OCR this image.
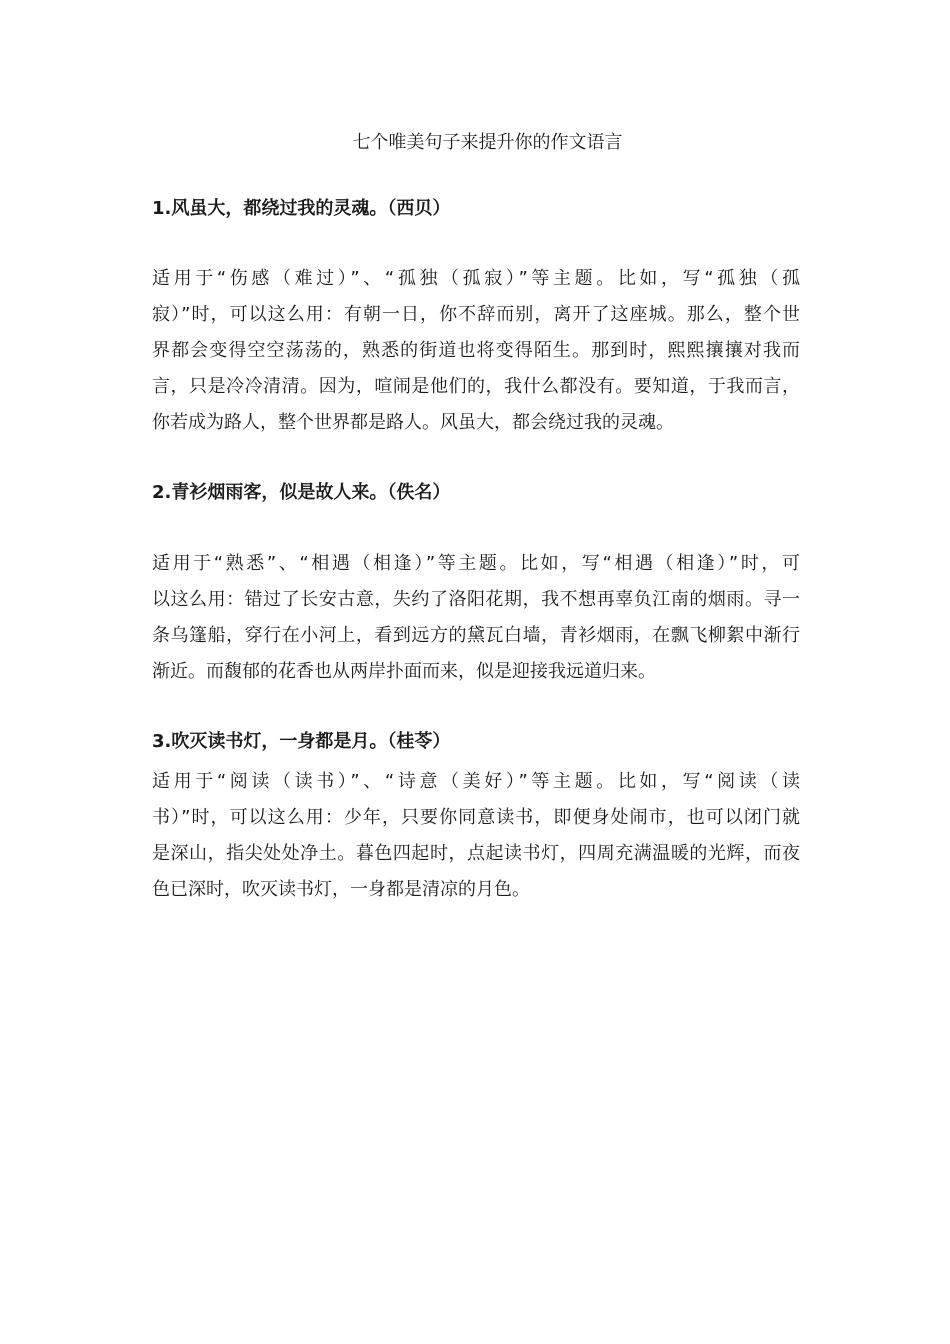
七个唯美句子来提升你的作文语言
1.风虽大，都绕过我的灵魂。（西贝）
适用于“伤感（难过）”、“孤独（孤寂）”等主题。比如，写“孤独（孤
寂）”时，可以这么用：有朝一日，你不辞而别，离开了这座城。那么，整个世
界都会变得空空荡荡的，熟悉的街道也将变得陌生。那到时，熙熙攘攘对我而
言，只是冷冷清清。因为，喧闹是他们的，我什么都没有。要知道，于我而言，
你若成为路人，整个世界都是路人。风虽大，都会绕过我的灵魂。
2.青衫烟雨客，似是故人来。（佚名）
适用于“熟悉”、“相遇（相逢）”等主题。比如，写“相遇（相逢）”时，可
以这么用：错过了长安古意，失约了洛阳花期，我不想再辜负江南的烟雨。寻一
条乌篷船，穿行在小河上，看到远方的黛瓦白墙，青衫烟雨，在飘飞柳絮中渐行
渐近。而馥郁的花香也从两岸扑面而来，似是迎接我远道归来。
3.吹灭读书灯，一身都是月。（桂苓）
适用于“阅读（读书）”、“诗意（美好）”等主题。比如，写“阅读（读
书）”时，可以这么用：少年，只要你同意读书，即便身处闹市，也可以闭门就
是深山，指尖处处净土。暮色四起时，点起读书灯，四周充满温暖的光辉，而夜
色已深时，吹灭读书灯，一身都是清凉的月色。
